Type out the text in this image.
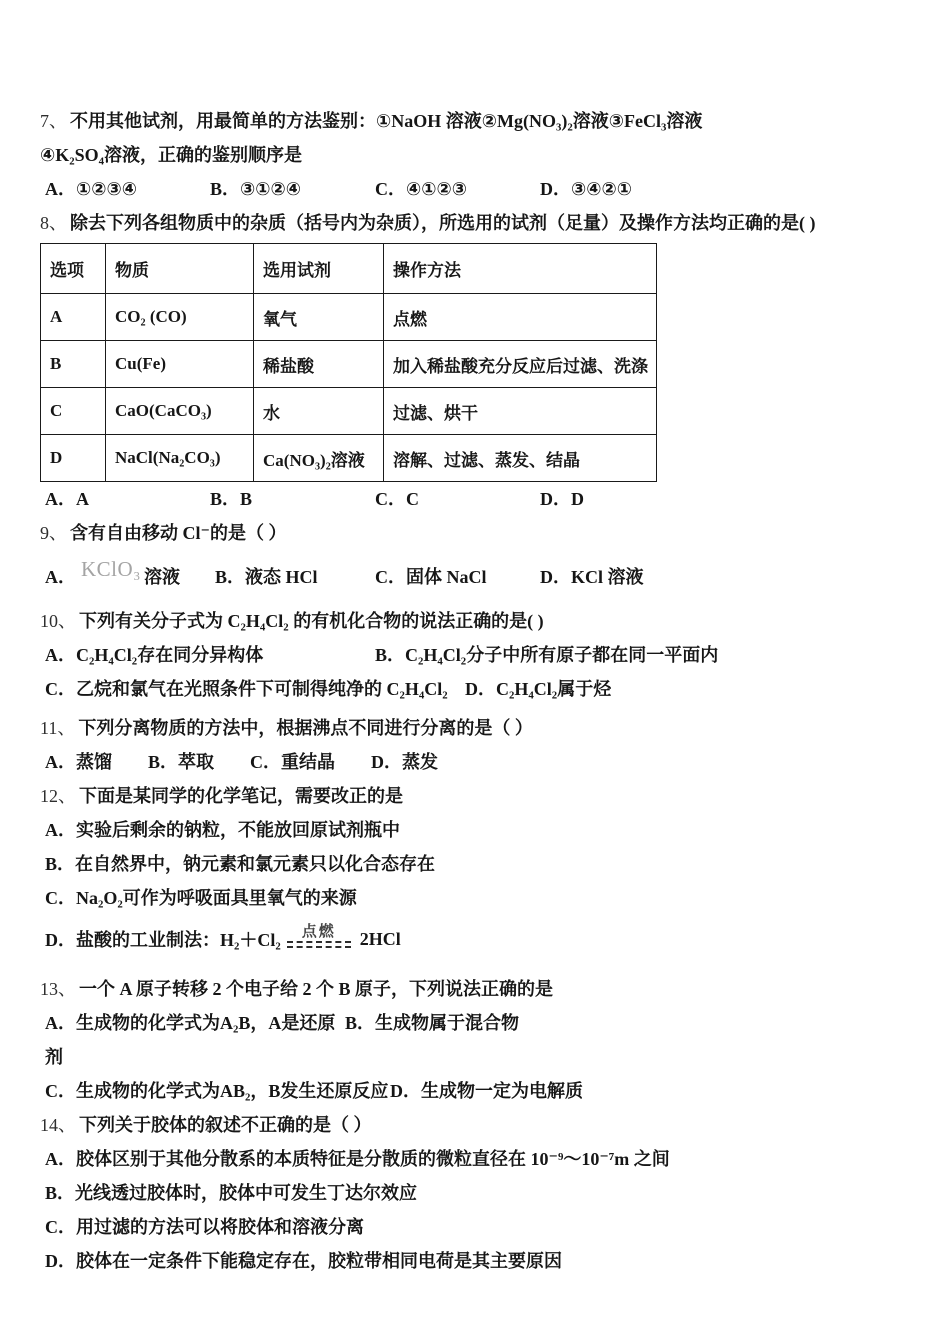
7、 不用其他试剂，用最简单的方法鉴别：①NaOH 溶液②Mg(NO₃)₂溶液③FeCl₃溶液
④K₂SO₄溶液，正确的鉴别顺序是
A．①②③④	B．③①②④	C．④①②③	D．③④②①
8、 除去下列各组物质中的杂质（括号内为杂质），所选用的试剂（足量）及操作方法均正确的是( )
选项	物质	选用试剂	操作方法
A	CO₂ (CO)	氧气	点燃
B	Cu(Fe)	稀盐酸	加入稀盐酸充分反应后过滤、洗涤
C	CaO(CaCO₃)	水	过滤、烘干
D	NaCl(Na₂CO₃)	Ca(NO₃)₂溶液	溶解、过滤、蒸发、结晶
A．A	B．B	C．C	D．D
9、 含有自由移动 Cl⁻的是（ ）
A． KClO₃ 溶液	B．液态 HCl	C．固体 NaCl	D．KCl 溶液
10、 下列有关分子式为 C₂H₄Cl₂ 的有机化合物的说法正确的是( )
A．C₂H₄Cl₂存在同分异构体	B．C₂H₄Cl₂分子中所有原子都在同一平面内
C．乙烷和氯气在光照条件下可制得纯净的 C₂H₄Cl₂ D．C₂H₄Cl₂属于烃
11、 下列分离物质的方法中，根据沸点不同进行分离的是（ ）
A．蒸馏　　B．萃取　　C．重结晶　　D．蒸发
12、 下面是某同学的化学笔记，需要改正的是
A．实验后剩余的钠粒，不能放回原试剂瓶中
B．在自然界中，钠元素和氯元素只以化合态存在
C．Na₂O₂可作为呼吸面具里氧气的来源
D．盐酸的工业制法：H₂＋Cl₂ 点燃 2HCl
13、 一个 A 原子转移 2 个电子给 2 个 B 原子，下列说法正确的是
A．生成物的化学式为A₂B，A是还原剂
B．生成物属于混合物
C．生成物的化学式为AB₂，B发生还原反应 D．生成物一定为电解质
14、 下列关于胶体的叙述不正确的是（ ）
A．胶体区别于其他分散系的本质特征是分散质的微粒直径在 10⁻⁹～10⁻⁷m 之间
B．光线透过胶体时，胶体中可发生丁达尔效应
C．用过滤的方法可以将胶体和溶液分离
D．胶体在一定条件下能稳定存在，胶粒带相同电荷是其主要原因
